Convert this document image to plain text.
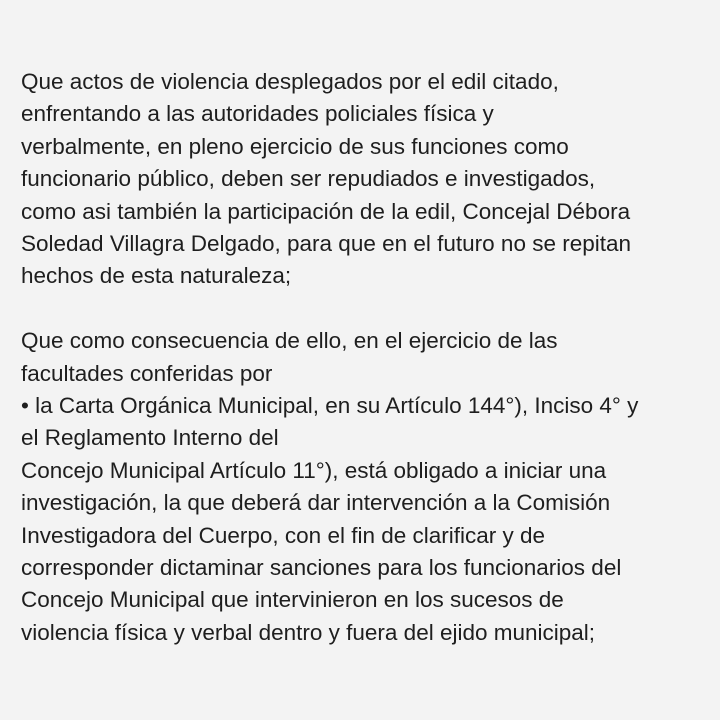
Que actos de violencia desplegados por el edil citado,
enfrentando a las autoridades policiales física y
verbalmente, en pleno ejercicio de sus funciones como
funcionario público, deben ser repudiados e investigados,
como asi también la participación de la edil, Concejal Débora
Soledad Villagra Delgado, para que en el futuro no se repitan
hechos de esta naturaleza;
Que como consecuencia de ello, en el ejercicio de las
facultades conferidas por
• la Carta Orgánica Municipal, en su Artículo 144°), Inciso 4° y
el Reglamento Interno del
Concejo Municipal Artículo 11°), está obligado a iniciar una
investigación, la que deberá dar intervención a la Comisión
Investigadora del Cuerpo, con el fin de clarificar y de
corresponder dictaminar sanciones para los funcionarios del
Concejo Municipal que intervinieron en los sucesos de
violencia física y verbal dentro y fuera del ejido municipal;
